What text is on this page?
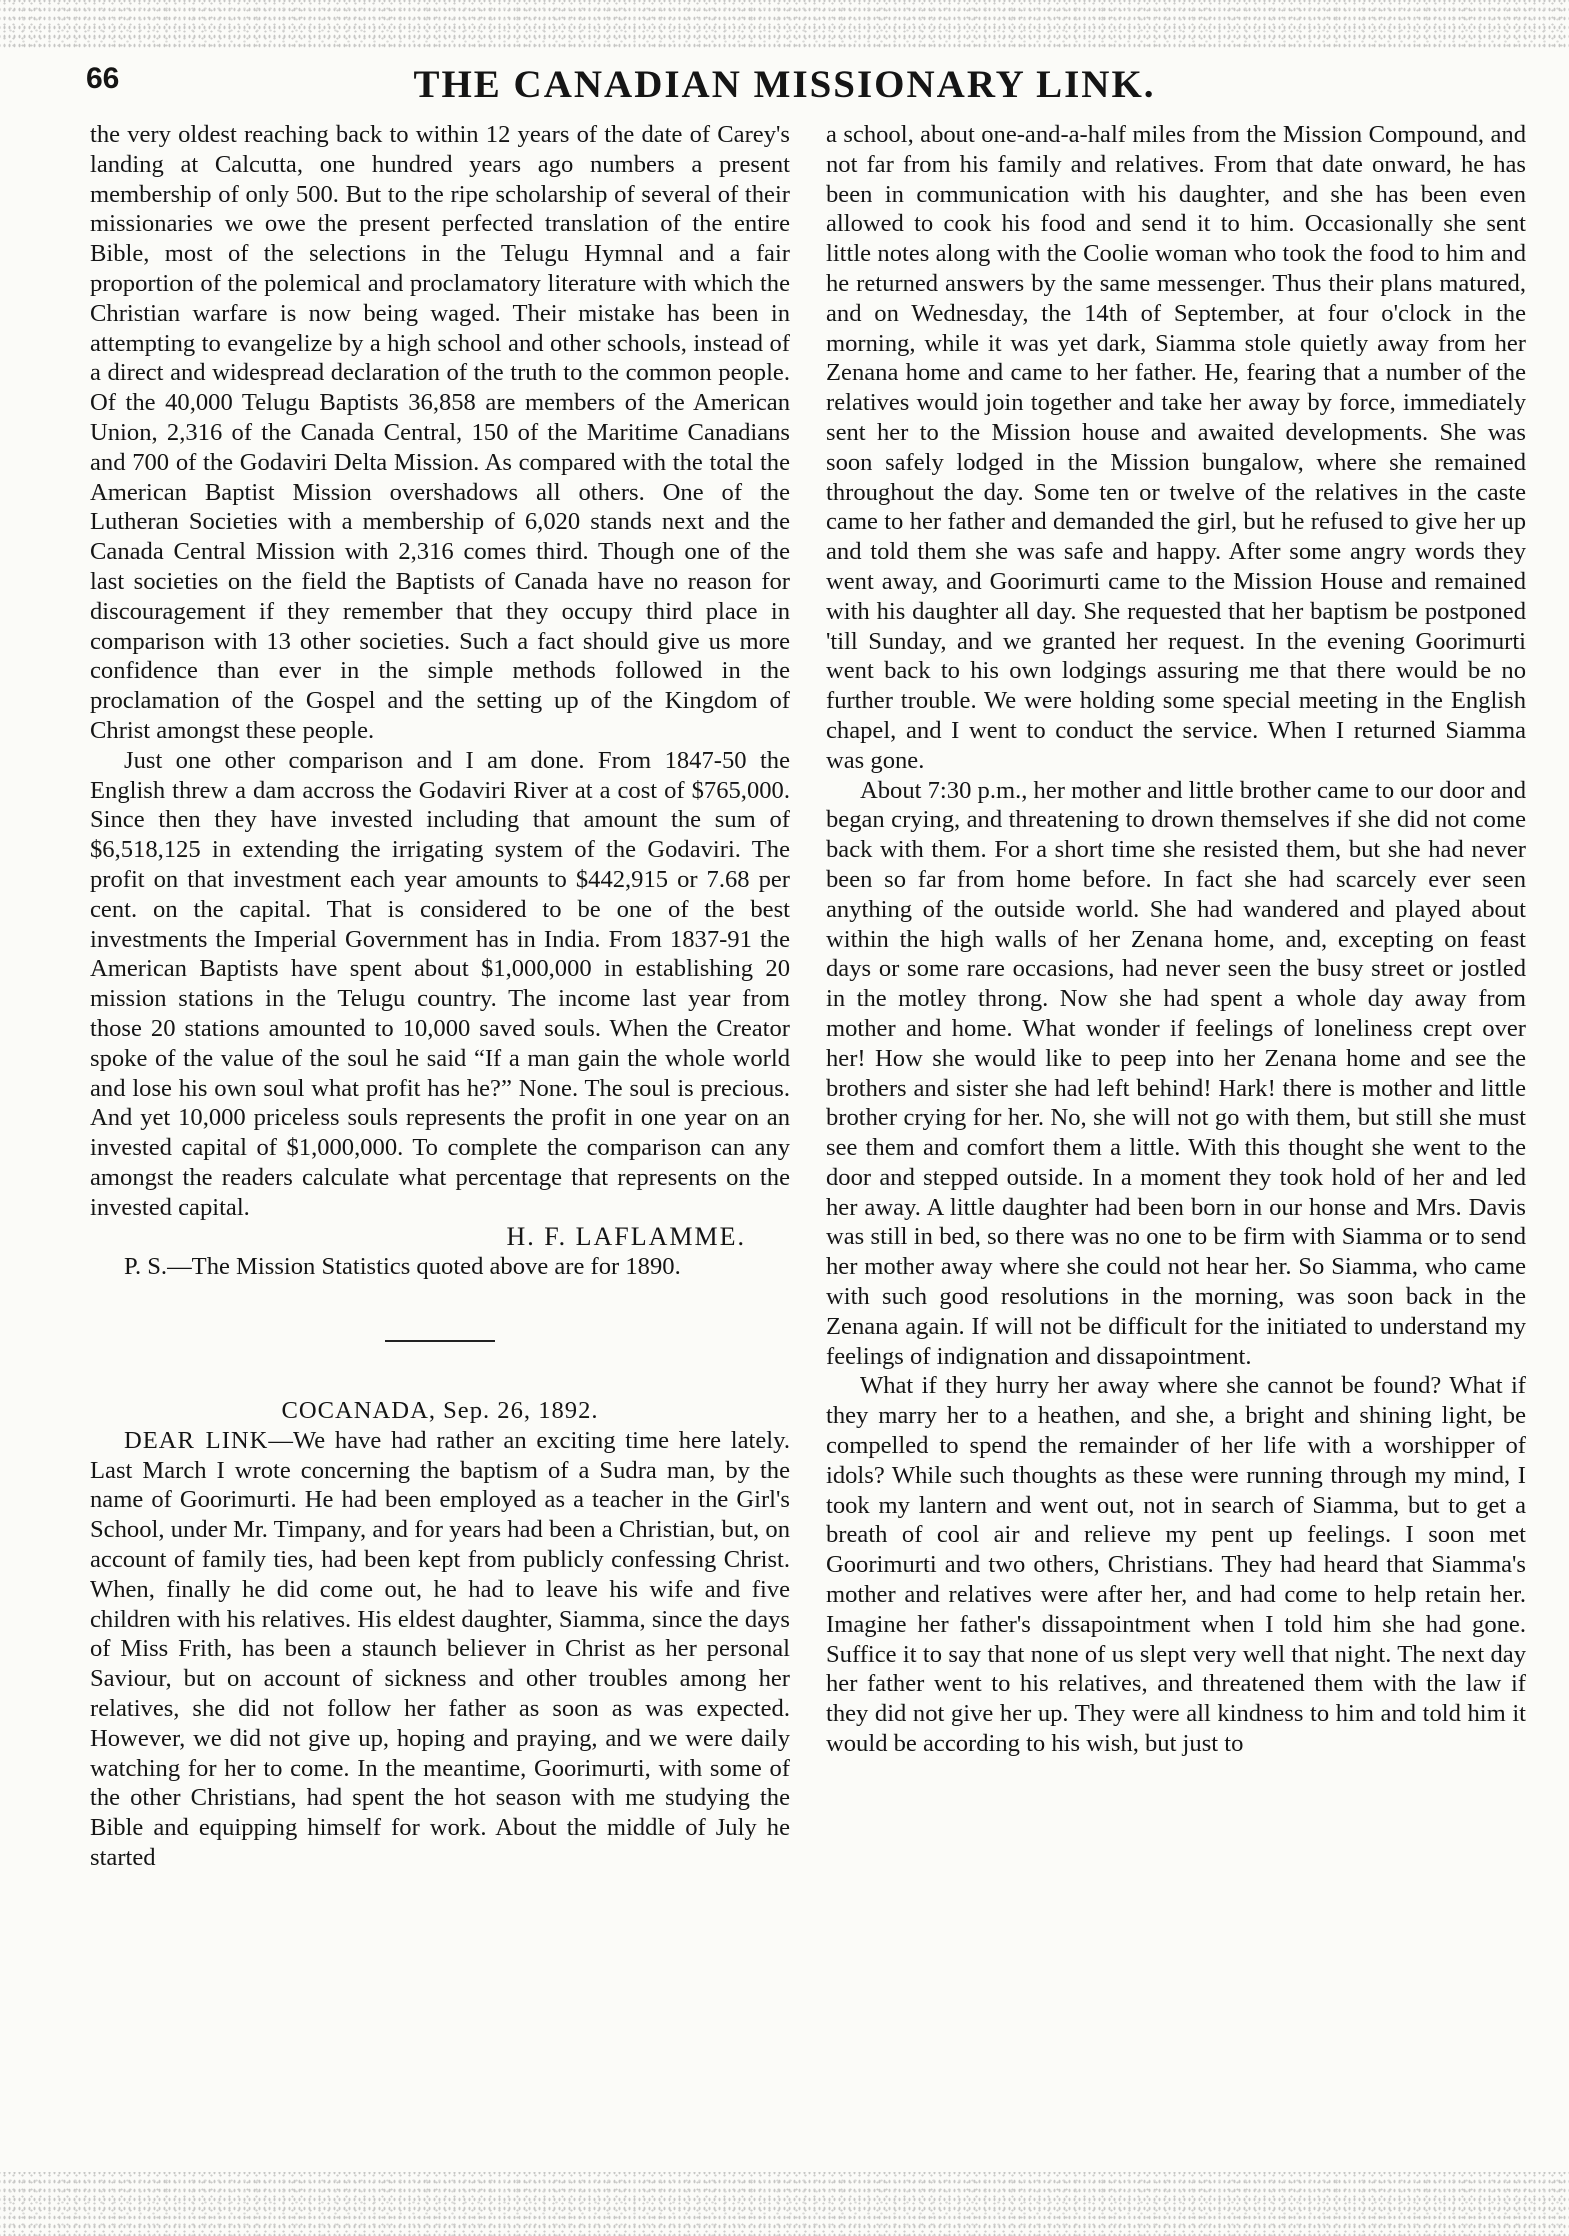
66	THE CANADIAN MISSIONARY LINK.

the very oldest reaching back to within 12 years of the date of Carey's landing at Calcutta, one hundred years ago numbers a present membership of only 500. But to the ripe scholarship of several of their missionaries we owe the present perfected translation of the entire Bible, most of the selections in the Telugu Hymnal and a fair proportion of the polemical and proclamatory literature with which the Christian warfare is now being waged. Their mistake has been in attempting to evangelize by a high school and other schools, instead of a direct and widespread declaration of the truth to the common people. Of the 40,000 Telugu Baptists 36,858 are members of the American Union, 2,316 of the Canada Central, 150 of the Maritime Canadians and 700 of the Godaviri Delta Mission. As compared with the total the American Baptist Mission overshadows all others. One of the Lutheran Societies with a membership of 6,020 stands next and the Canada Central Mission with 2,316 comes third. Though one of the last societies on the field the Baptists of Canada have no reason for discouragement if they remember that they occupy third place in comparison with 13 other societies. Such a fact should give us more confidence than ever in the simple methods followed in the proclamation of the Gospel and the setting up of the Kingdom of Christ amongst these people.

Just one other comparison and I am done. From 1847-50 the English threw a dam accross the Godaviri River at a cost of $765,000. Since then they have invested including that amount the sum of $6,518,125 in extending the irrigating system of the Godaviri. The profit on that investment each year amounts to $442,915 or 7.68 per cent. on the capital. That is considered to be one of the best investments the Imperial Government has in India. From 1837-91 the American Baptists have spent about $1,000,000 in establishing 20 mission stations in the Telugu country. The income last year from those 20 stations amounted to 10,000 saved souls. When the Creator spoke of the value of the soul he said “If a man gain the whole world and lose his own soul what profit has he?” None. The soul is precious. And yet 10,000 priceless souls represents the profit in one year on an invested capital of $1,000,000. To complete the comparison can any amongst the readers calculate what percentage that represents on the invested capital.

H. F. LAFLAMME.

P. S.—The Mission Statistics quoted above are for 1890.

COCANADA, Sep. 26, 1892.

DEAR LINK—We have had rather an exciting time here lately. Last March I wrote concerning the baptism of a Sudra man, by the name of Goorimurti. He had been employed as a teacher in the Girl's School, under Mr. Timpany, and for years had been a Christian, but, on account of family ties, had been kept from publicly confessing Christ. When, finally he did come out, he had to leave his wife and five children with his relatives. His eldest daughter, Siamma, since the days of Miss Frith, has been a staunch believer in Christ as her personal Saviour, but on account of sickness and other troubles among her relatives, she did not follow her father as soon as was expected. However, we did not give up, hoping and praying, and we were daily watching for her to come. In the meantime, Goorimurti, with some of the other Christians, had spent the hot season with me studying the Bible and equipping himself for work. About the middle of July he started

a school, about one-and-a-half miles from the Mission Compound, and not far from his family and relatives. From that date onward, he has been in communication with his daughter, and she has been even allowed to cook his food and send it to him. Occasionally she sent little notes along with the Coolie woman who took the food to him and he returned answers by the same messenger. Thus their plans matured, and on Wednesday, the 14th of September, at four o'clock in the morning, while it was yet dark, Siamma stole quietly away from her Zenana home and came to her father. He, fearing that a number of the relatives would join together and take her away by force, immediately sent her to the Mission house and awaited developments. She was soon safely lodged in the Mission bungalow, where she remained throughout the day. Some ten or twelve of the relatives in the caste came to her father and demanded the girl, but he refused to give her up and told them she was safe and happy. After some angry words they went away, and Goorimurti came to the Mission House and remained with his daughter all day. She requested that her baptism be postponed 'till Sunday, and we granted her request. In the evening Goorimurti went back to his own lodgings assuring me that there would be no further trouble. We were holding some special meeting in the English chapel, and I went to conduct the service. When I returned Siamma was gone.

About 7:30 p.m., her mother and little brother came to our door and began crying, and threatening to drown themselves if she did not come back with them. For a short time she resisted them, but she had never been so far from home before. In fact she had scarcely ever seen anything of the outside world. She had wandered and played about within the high walls of her Zenana home, and, excepting on feast days or some rare occasions, had never seen the busy street or jostled in the motley throng. Now she had spent a whole day away from mother and home. What wonder if feelings of loneliness crept over her! How she would like to peep into her Zenana home and see the brothers and sister she had left behind! Hark! there is mother and little brother crying for her. No, she will not go with them, but still she must see them and comfort them a little. With this thought she went to the door and stepped outside. In a moment they took hold of her and led her away. A little daughter had been born in our honse and Mrs. Davis was still in bed, so there was no one to be firm with Siamma or to send her mother away where she could not hear her. So Siamma, who came with such good resolutions in the morning, was soon back in the Zenana again. If will not be difficult for the initiated to understand my feelings of indignation and dissapointment.

What if they hurry her away where she cannot be found? What if they marry her to a heathen, and she, a bright and shining light, be compelled to spend the remainder of her life with a worshipper of idols? While such thoughts as these were running through my mind, I took my lantern and went out, not in search of Siamma, but to get a breath of cool air and relieve my pent up feelings. I soon met Goorimurti and two others, Christians. They had heard that Siamma's mother and relatives were after her, and had come to help retain her. Imagine her father's dissapointment when I told him she had gone. Suffice it to say that none of us slept very well that night. The next day her father went to his relatives, and threatened them with the law if they did not give her up. They were all kindness to him and told him it would be according to his wish, but just to
